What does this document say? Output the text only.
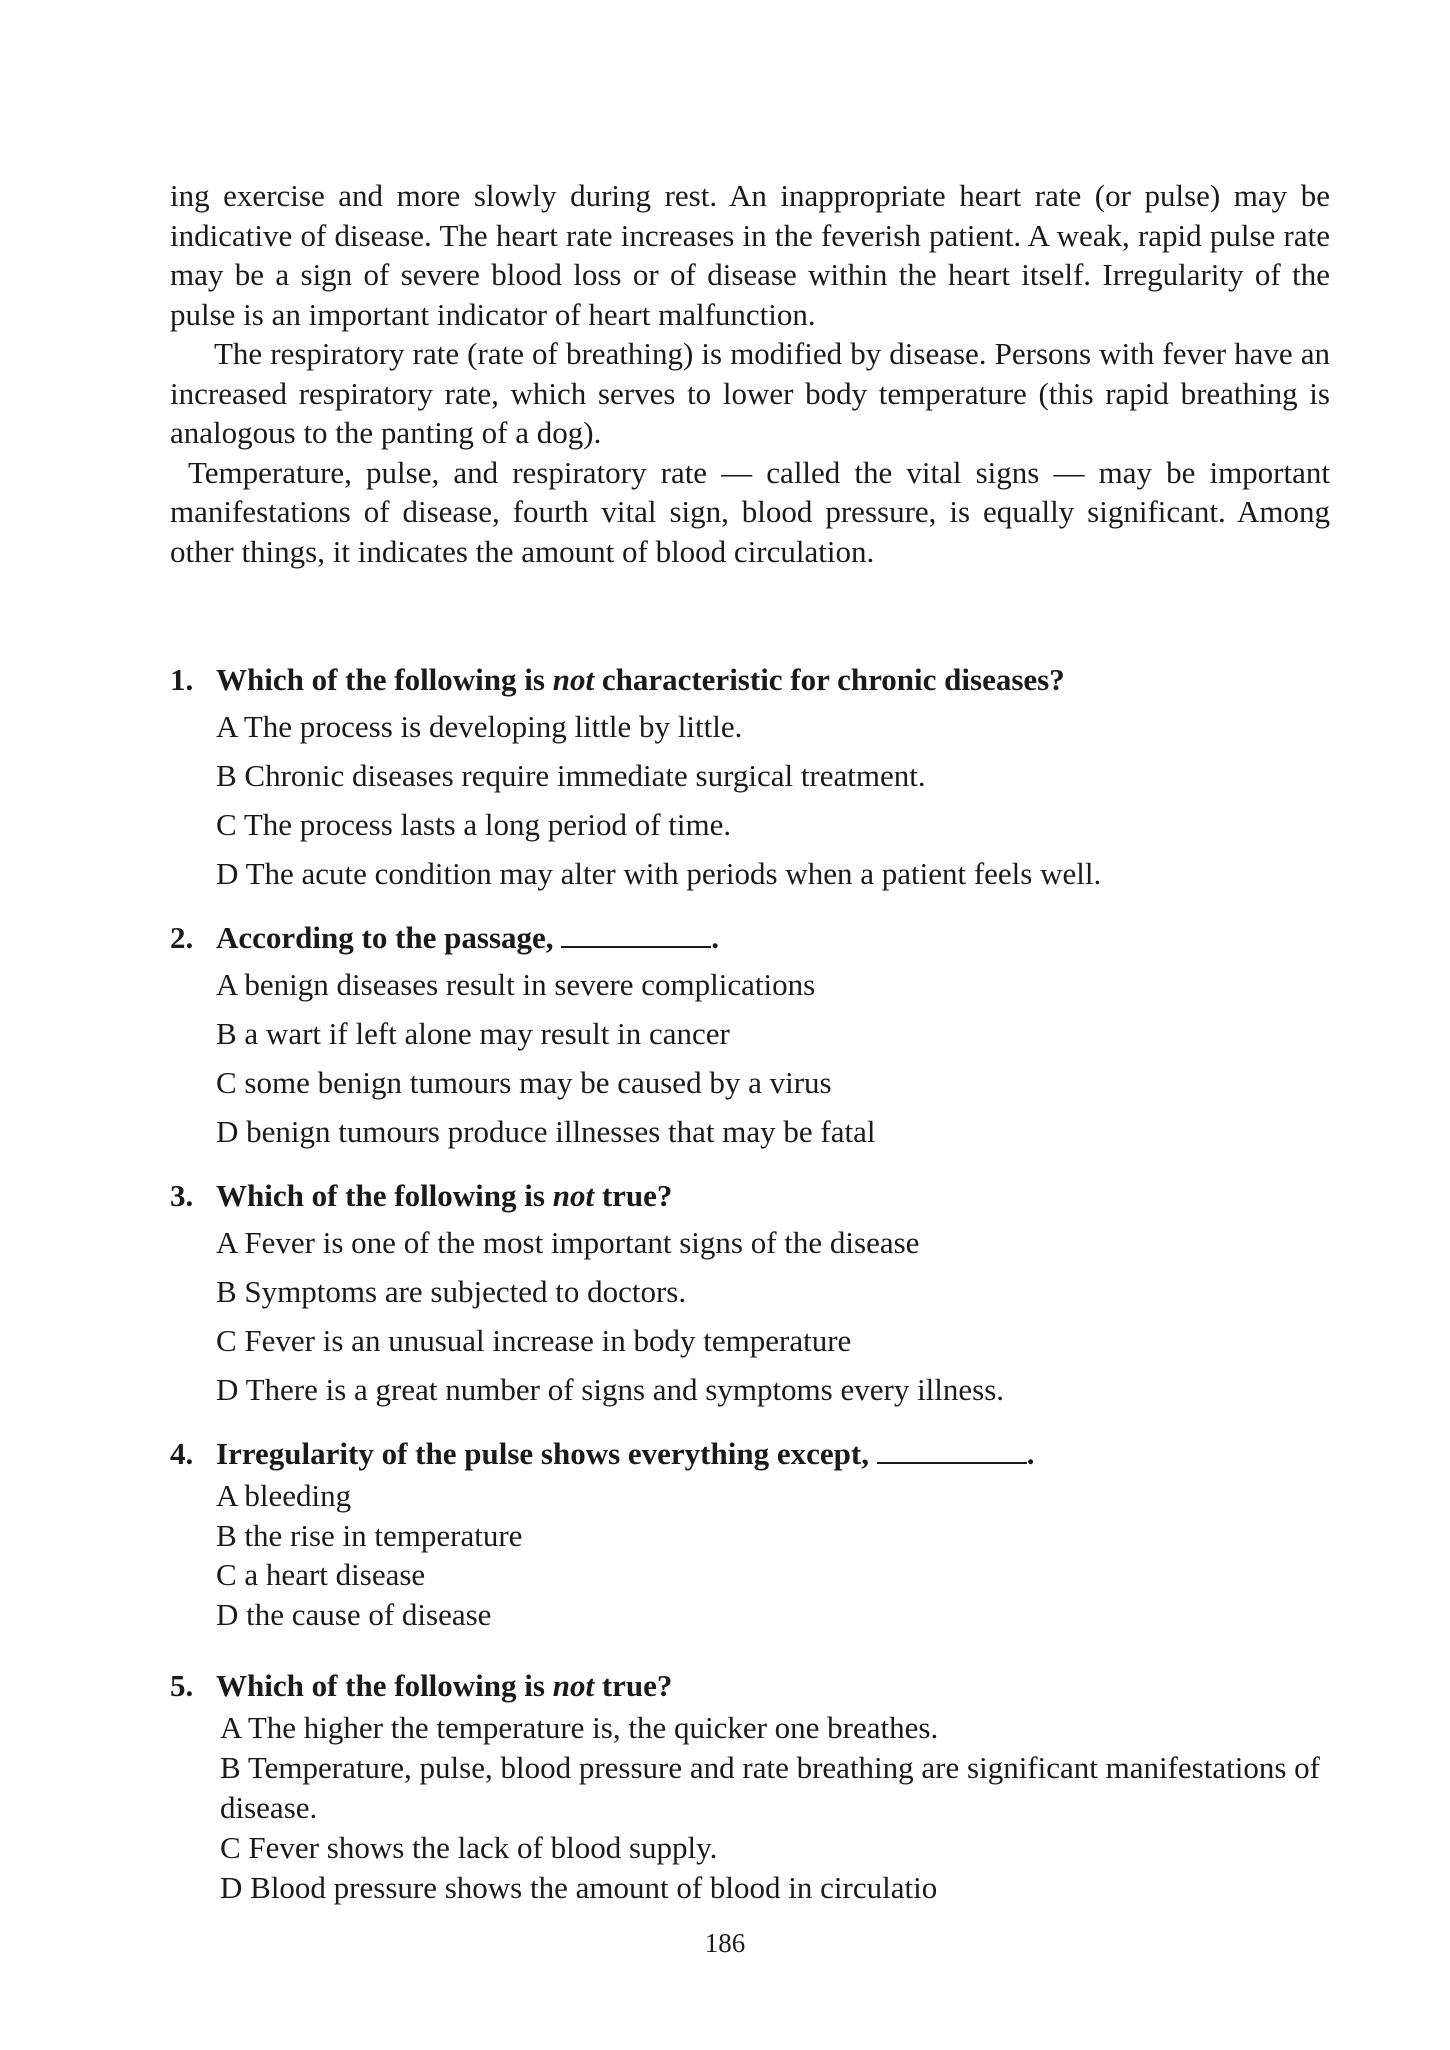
ing exercise and more slowly during rest. An inappropriate heart rate (or pulse) may be indicative of disease. The heart rate increases in the feverish patient. A weak, rapid pulse rate may be a sign of severe blood loss or of disease within the heart itself. Irregularity of the pulse is an important indicator of heart malfunction.

The respiratory rate (rate of breathing) is modified by disease. Persons with fever have an increased respiratory rate, which serves to lower body temperature (this rapid breathing is analogous to the panting of a dog).

Temperature, pulse, and respiratory rate — called the vital signs — may be important manifestations of disease, fourth vital sign, blood pressure, is equally significant. Among other things, it indicates the amount of blood circulation.

1. Which of the following is not characteristic for chronic diseases?
A The process is developing little by little.
B Chronic diseases require immediate surgical treatment.
C The process lasts a long period of time.
D The acute condition may alter with periods when a patient feels well.
2. According to the passage,	.
A benign diseases result in severe complications
B a wart if left alone may result in cancer
C some benign tumours may be caused by a virus
D benign tumours produce illnesses that may be fatal
3. Which of the following is not true?
A Fever is one of the most important signs of the disease
B Symptoms are subjected to doctors.
C Fever is an unusual increase in body temperature
D There is a great number of signs and symptoms every illness.
4. Irregularity of the pulse shows everything except,	.
A bleeding
B the rise in temperature
C a heart disease
D the cause of disease
5. Which of the following is not true?
A The higher the temperature is, the quicker one breathes.
B Temperature, pulse, blood pressure and rate breathing are significant manifestations of disease.
C Fever shows the lack of blood supply.
D Blood pressure shows the amount of blood in circulatio
186
